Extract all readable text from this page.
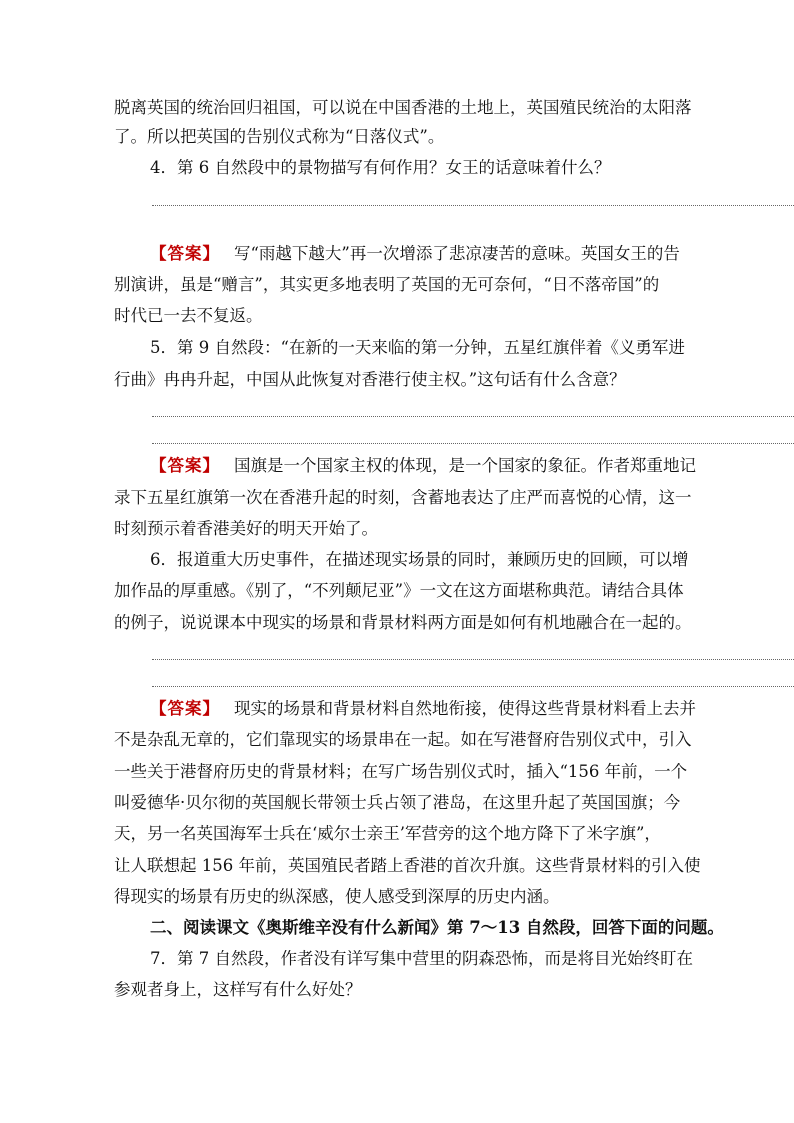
脱离英国的统治回归祖国，可以说在中国香港的土地上，英国殖民统治的太阳落
了。所以把英国的告别仪式称为“日落仪式”。
4．第 6 自然段中的景物描写有何作用？女王的话意味着什么？
【答案】 写“雨越下越大”再一次增添了悲凉凄苦的意味。英国女王的告
别演讲，虽是“赠言”，其实更多地表明了英国的无可奈何，“日不落帝国”的
时代已一去不复返。
5．第 9 自然段：“在新的一天来临的第一分钟，五星红旗伴着《义勇军进
行曲》冉冉升起，中国从此恢复对香港行使主权。”这句话有什么含意？
【答案】 国旗是一个国家主权的体现，是一个国家的象征。作者郑重地记
录下五星红旗第一次在香港升起的时刻，含蓄地表达了庄严而喜悦的心情，这一
时刻预示着香港美好的明天开始了。
6．报道重大历史事件，在描述现实场景的同时，兼顾历史的回顾，可以增
加作品的厚重感。《别了，“不列颠尼亚”》一文在这方面堪称典范。请结合具体
的例子，说说课本中现实的场景和背景材料两方面是如何有机地融合在一起的。
【答案】 现实的场景和背景材料自然地衔接，使得这些背景材料看上去并
不是杂乱无章的，它们靠现实的场景串在一起。如在写港督府告别仪式中，引入
一些关于港督府历史的背景材料；在写广场告别仪式时，插入“156 年前，一个
叫爱德华·贝尔彻的英国舰长带领士兵占领了港岛，在这里升起了英国国旗；今
天，另一名英国海军士兵在‘威尔士亲王’军营旁的这个地方降下了米字旗”，
让人联想起 156 年前，英国殖民者踏上香港的首次升旗。这些背景材料的引入使
得现实的场景有历史的纵深感，使人感受到深厚的历史内涵。
二、阅读课文《奥斯维辛没有什么新闻》第 7～13 自然段，回答下面的问题。
7．第 7 自然段，作者没有详写集中营里的阴森恐怖，而是将目光始终盯在
参观者身上，这样写有什么好处？
